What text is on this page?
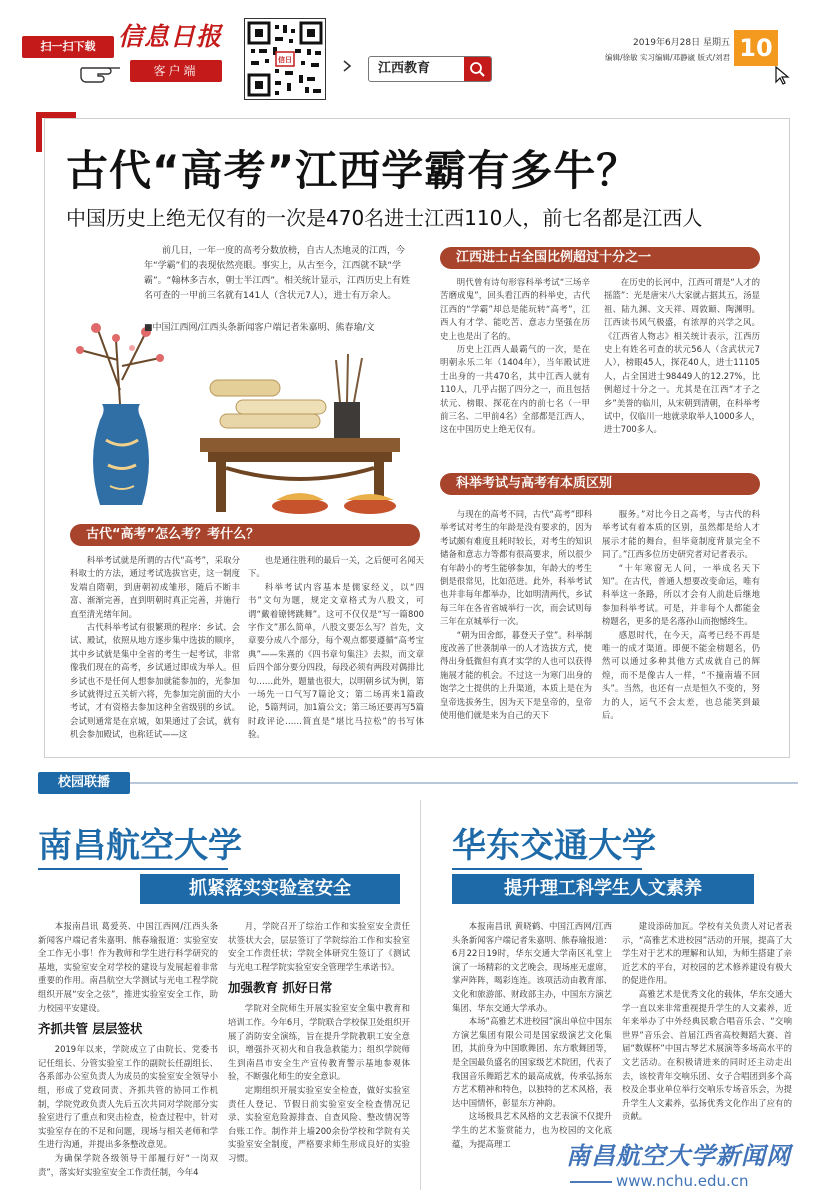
扫一扫下载 信息日报
客户端
信日
江西教育
2019年6月28日 星期五
编辑/徐敏 实习编辑/邓静崴 版式/刘君 10
古代“高考”江西学霸有多牛？
中国历史上绝无仅有的一次是470名进士江西110人，前七名都是江西人
前几日，一年一度的高考分数放榜，自古人杰地灵的江西，今年“学霸”们的表现依然亮眼。事实上，从古至今，江西就不缺“学霸”。“翰林多吉水，朝士半江西”。相关统计显示，江西历史上有姓名可查的一甲前三名就有141人（含状元7人），进士有万余人。
■中国江西网/江西头条新闻客户端记者朱嘉明、熊春瑜/文
江西进士占全国比例超过十分之一
科举考试与高考有本质区别
古代“高考”怎么考？考什么？

明代曾有诗句形容科举考试“三场辛苦磨成鬼”，回头看江西的科举史，古代江西的“学霸”却总是能玩转“高考”，江西人有才学、能吃苦、意志力坚强在历史上也是出了名的。

历史上江西人最霸气的一次，是在明朝永乐二年（1404年），当年殿试进士出身的一共470名，其中江西人就有110人，几乎占据了四分之一，而且包括状元、榜眼、探花在内的前七名（一甲前三名、二甲前4名）全部都是江西人，这在中国历史上绝无仅有。

在历史的长河中，江西可谓是“人才的摇篮”：光是唐宋八大家就占据其五，汤显祖、陆九渊、文天祥、周敦颐、陶渊明。江西读书风气极盛，有浓厚的兴学之风。《江西省人物志》相关统计表示，江西历史上有姓名可查的状元56人（含武状元7人），榜眼45人，探花40人，进士11105人，占全国进士98449人的12.27%，比例超过十分之一。尤其是在江西“才子之乡”美誉的临川，从宋朝到清朝，在科举考试中，仅临川一地就录取举人1000多人，进士700多人。

与现在的高考不同，古代“高考”即科举考试对考生的年龄是没有要求的，因为考试颇有难度且耗时较长，对考生的知识储备和意志力等都有很高要求，所以很少有年龄小的考生能够参加，年龄大的考生倒是很常见，比如范进。此外，科举考试也并非每年都举办，比如明清两代，乡试每三年在各省省城举行一次，而会试则每三年在京城举行一次。

“朝为田舍郎，暮登天子堂”。科举制度改善了世袭制单一的人才选拔方式，使得出身低微但有真才实学的人也可以获得施展才能的机会。不过这一为寒门出身的饱学之士提供的上升渠道，本质上是在为皇帝选拔务生，因为天下是皇帝的，皇帝使用他们就是来为自己的天下

服务。”对比今日之高考，与古代的科举考试有着本质的区别，虽然都是给人才展示才能的舞台，但毕竟制度背景完全不同了。”江西多位历史研究者对记者表示。

“十年寒窗无人问，一举成名天下知”。在古代，普通人想要改变命运，唯有科举这一条路，所以才会有人前赴后继地参加科举考试。可是，并非每个人都能金榜题名，更多的是名落孙山而抱憾终生。

感恩时代，在今天，高考已经不再是唯一的成才渠道。即便不能金榜题名，仍然可以通过多种其他方式成就自己的辉煌，而不是像古人一样，“不撞南墙不回头”。当然，也还有一点是恒久不变的，努力的人，运气不会太差，也总能笑到最后。

科举考试就是所谓的古代“高考”，采取分科取士的方法，通过考试选拔官吏，这一制度发端自隋朝，到唐朝初成雏形，随后不断丰富、渐渐完善，直到明朝时真正完善，并施行直至清光绪年间。

古代科举考试有很繁琐的程序：乡试、会试、殿试，依照从地方逐步集中选拔的顺序，其中乡试就是集中全省的考生一起考试，非常像我们现在的高考，乡试通过即成为举人。但乡试也不是任何人想参加就能参加的，光参加乡试就得过五关斩六将，先参加完前面的大小考试，才有资格去参加这种全省级别的乡试。会试则通常是在京城，如果通过了会试，就有机会参加殿试，也称廷试——这

也是通往胜利的最后一关，之后便可名闻天下。

科举考试内容基本是儒家经义，以“四书”文句为题，规定文章格式为八股文，可谓“戴着镣铐跳舞”。这可不仅仅是“写一篇800字作文”那么简单，八股文要怎么写？首先，文章要分成八个部分，每个观点都要遵循“高考宝典”——朱熹的《四书章句集注》去拟，而文章后四个部分要分四段，每段必须有两段对偶排比句……此外，题量也很大，以明朝乡试为例，第一场先一口气写7篇论文；第二场再来1篇政论，5篇判词，加1篇公文；第三场还要再写5篇时政评论……简直是“堪比马拉松”的书写体验。

校园联播
南昌航空大学
抓紧落实实验室安全
华东交通大学
提升理工科学生人文素养

本报南昌讯 葛爱英、中国江西网/江西头条新闻客户端记者朱嘉明、熊春瑜报道：实验室安全工作无小事！作为教师和学生进行科学研究的基地，实验室安全对学校的建设与发展起着非常重要的作用。南昌航空大学测试与光电工程学院组织开展“安全之弦”，推进实验室安全工作，助力校园平安建设。

齐抓共管 层层签状

2019年以来，学院成立了由院长、党委书记任组长、分管实验室工作的副院长任副组长、各系部办公室负责人为成员的实验室安全领导小组，形成了党政同责、齐抓共管的协同工作机制，学院党政负责人先后五次共同对学院部分实验室进行了重点和突击检查，检查过程中，针对实验室存在的不足和问题，现场与相关老师和学生进行沟通，并提出多条整改意见。

为确保学院各级领导干部履行好“一岗双责”，落实好实验室安全工作责任制，今年4

月，学院召开了综治工作和实验室安全责任状签状大会，层层签订了学院综治工作和实验室安全工作责任状；学院全体研究生签订了《测试与光电工程学院实验室安全管理学生承诺书》。

加强教育 抓好日常

学院对全院师生开展实验室安全集中教育和培训工作。今年6月，学院联合学校保卫处组织开展了消防安全演练，旨在提升学院教职工安全意识，增强扑灭初火和自我急救能力；组织学院师生到南昌市安全生产宣传教育警示基地参观体验，不断强化师生的安全意识。

定期组织开展实验室安全检查，做好实验室责任人登记、节假日前实验室安全检查情况记录、实验室危险源排查、自查风险、整改情况等台账工作。制作并上墙200余份学校和学院有关实验室安全制度，严格要求师生形成良好的实验习惯。

本报南昌讯 黄晓鹤、中国江西网/江西头条新闻客户端记者朱嘉明、熊春瑜报道：6月22日19时，华东交通大学南区礼堂上演了一场精彩的文艺晚会，现场座无虚席，掌声阵阵，喝彩连连。该项活动由教育部、文化和旅游部、财政部主办，中国东方演艺集团、华东交通大学承办。

本场“高雅艺术进校园”演出单位中国东方演艺集团有限公司是国家级演艺文化集团，其前身为中国歌舞团、东方歌舞团等，是全国最负盛名的国家级艺术院团，代表了我国音乐舞蹈艺术的最高成就，传承弘扬东方艺术精神和特色，以独特的艺术风格，表达中国情怀，彰显东方神韵。

这场极具艺术风格的文艺表演不仅提升学生的艺术鉴赏能力，也为校园的文化底蕴，为提高理工

建设添砖加瓦。学校有关负责人对记者表示，“高雅艺术进校园”活动的开展，提高了大学生对于艺术的理解和认知，为师生搭建了亲近艺术的平台，对校园的艺术修养建设有极大的促进作用。

高雅艺术是优秀文化的载体，华东交通大学一直以来非常重视提升学生的人文素养，近年来举办了中外经典民歌合唱音乐会、“交响世界”音乐会、首届江西省高校舞蹈大赛、首届“数媒杯”中国古琴艺术展演等多场高水平的文艺活动。在积极请进来的同时还主动走出去，该校青年交响乐团、女子合唱团到多个高校及企事业单位举行交响乐专场音乐会，为提升学生人文素养，弘扬优秀文化作出了应有的贡献。

南昌航空大学新闻网
www.nchu.edu.cn
